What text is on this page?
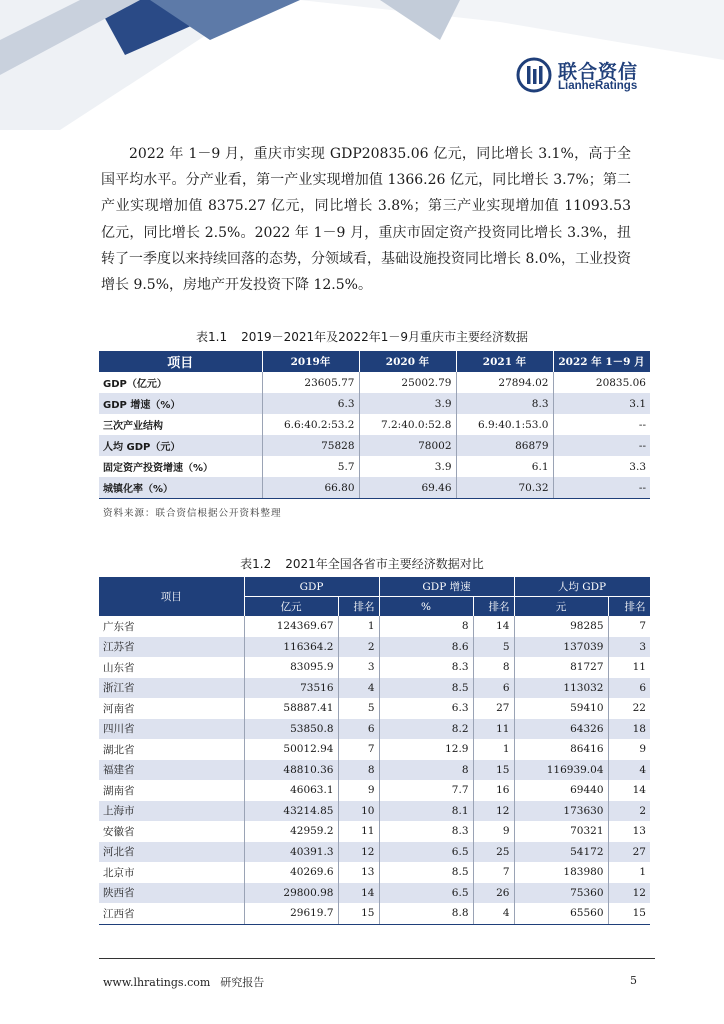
联合资信
LianheRatings

2022 年 1－9 月，重庆市实现 GDP20835.06 亿元，同比增长 3.1%，高于全国平均水平。分产业看，第一产业实现增加值 1366.26 亿元，同比增长 3.7%；第二产业实现增加值 8375.27 亿元，同比增长 3.8%；第三产业实现增加值 11093.53 亿元，同比增长 2.5%。2022 年 1－9 月，重庆市固定资产投资同比增长 3.3%，扭转了一季度以来持续回落的态势，分领域看，基础设施投资同比增长 8.0%，工业投资增长 9.5%，房地产开发投资下降 12.5%。

表1.1 2019－2021年及2022年1－9月重庆市主要经济数据
项目	2019年	2020 年	2021 年	2022 年 1－9 月
GDP（亿元）	23605.77	25002.79	27894.02	20835.06
GDP 增速（%）	6.3	3.9	8.3	3.1
三次产业结构	6.6:40.2:53.2	7.2:40.0:52.8	6.9:40.1:53.0	--
人均 GDP（元）	75828	78002	86879	--
固定资产投资增速（%）	5.7	3.9	6.1	3.3
城镇化率（%）	66.80	69.46	70.32	--
资料来源：联合资信根据公开资料整理
表1.2 2021年全国各省市主要经济数据对比
项目	GDP		GDP 增速		人均 GDP	
	亿元	排名	%	排名	元	排名
广东省	124369.67	1	8	14	98285	7
江苏省	116364.2	2	8.6	5	137039	3
山东省	83095.9	3	8.3	8	81727	11
浙江省	73516	4	8.5	6	113032	6
河南省	58887.41	5	6.3	27	59410	22
四川省	53850.8	6	8.2	11	64326	18
湖北省	50012.94	7	12.9	1	86416	9
福建省	48810.36	8	8	15	116939.04	4
湖南省	46063.1	9	7.7	16	69440	14
上海市	43214.85	10	8.1	12	173630	2
安徽省	42959.2	11	8.3	9	70321	13
河北省	40391.3	12	6.5	25	54172	27
北京市	40269.6	13	8.5	7	183980	1
陕西省	29800.98	14	6.5	26	75360	12
江西省	29619.7	15	8.8	4	65560	15
www.lhratings.com 研究报告	5
